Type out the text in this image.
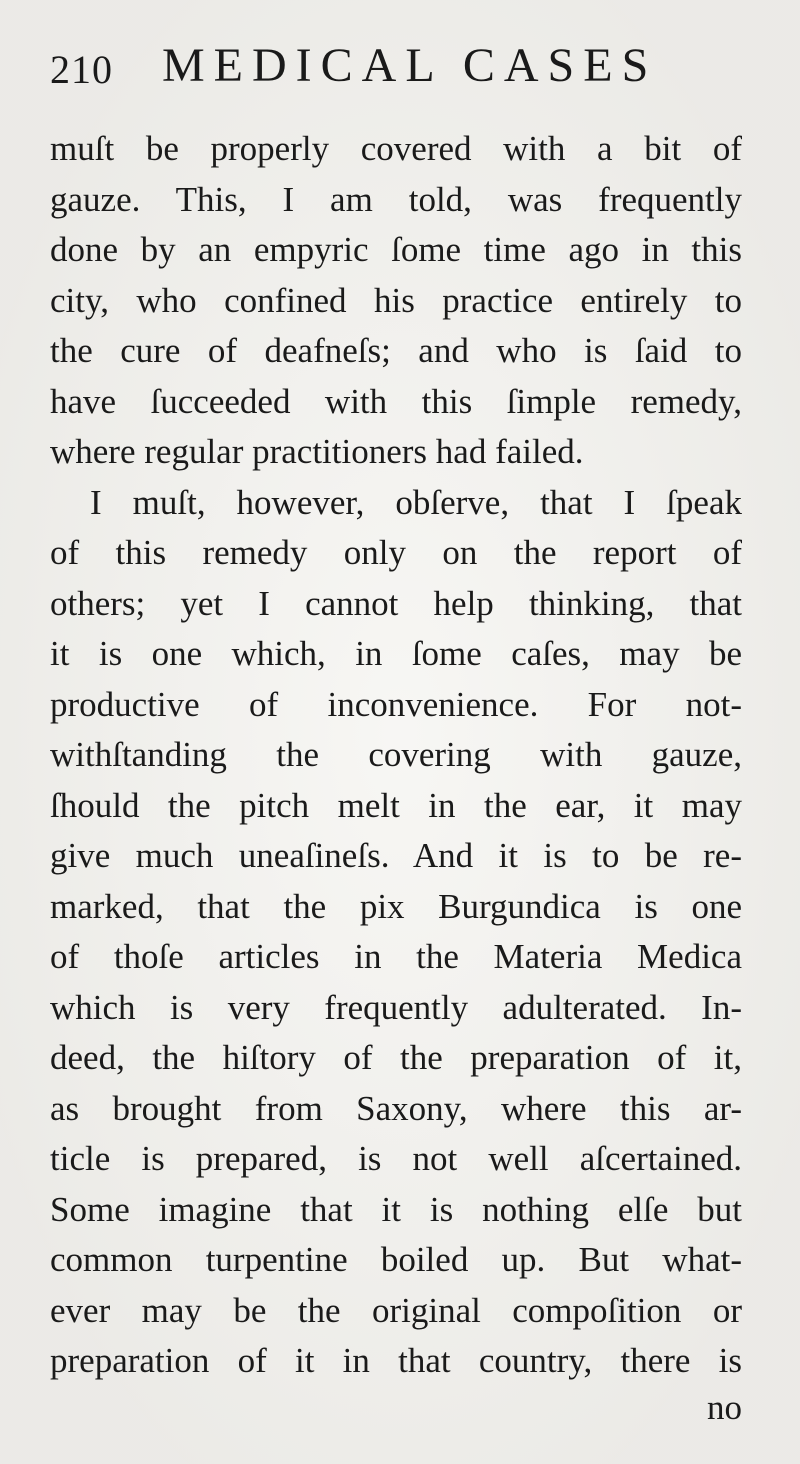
210 MEDICAL CASES
muſt be properly covered with a bit of
gauze. This, I am told, was frequently
done by an empyric ſome time ago in this
city, who confined his practice entirely to
the cure of deafneſs; and who is ſaid to
have ſucceeded with this ſimple remedy,
where regular practitioners had failed.
I muſt, however, obſerve, that I ſpeak
of this remedy only on the report of
others; yet I cannot help thinking, that
it is one which, in ſome caſes, may be
productive of inconvenience. For not-
withſtanding the covering with gauze,
ſhould the pitch melt in the ear, it may
give much uneaſineſs. And it is to be re-
marked, that the pix Burgundica is one
of thoſe articles in the Materia Medica
which is very frequently adulterated. In-
deed, the hiſtory of the preparation of it,
as brought from Saxony, where this ar-
ticle is prepared, is not well aſcertained.
Some imagine that it is nothing elſe but
common turpentine boiled up. But what-
ever may be the original compoſition or
preparation of it in that country, there is
no
